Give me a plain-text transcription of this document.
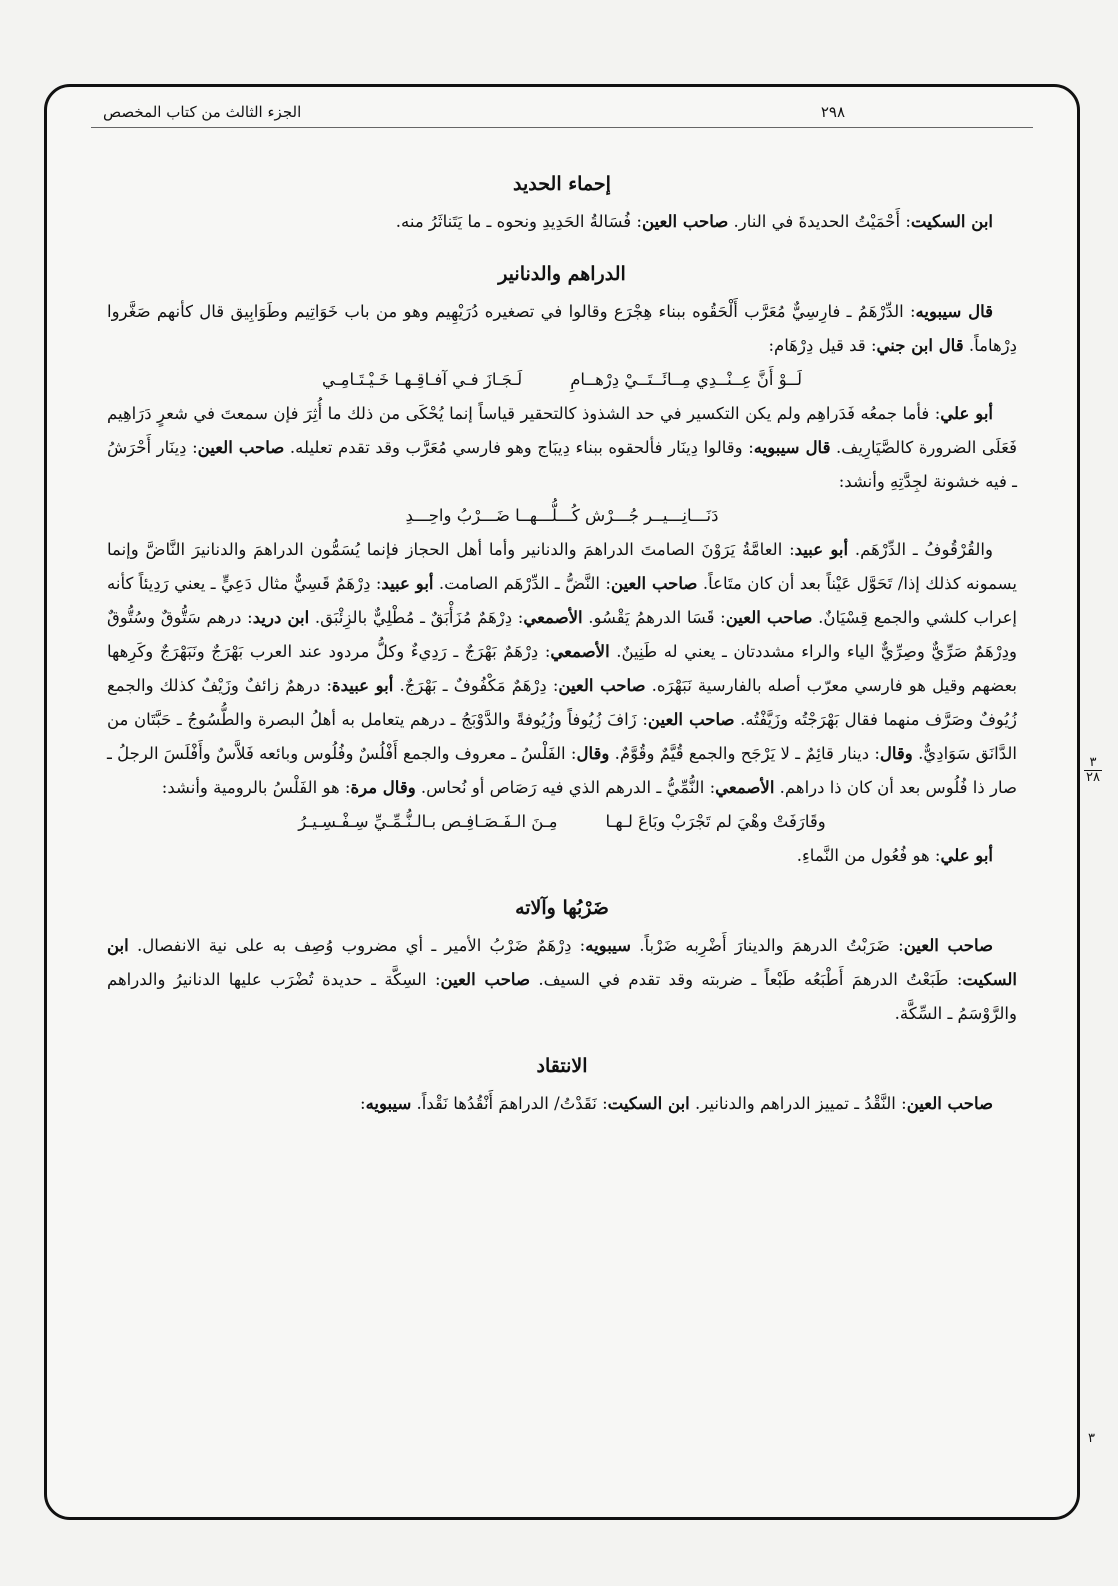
٢٩٨
الجزء الثالث من كتاب المخصص
إحماء الحديد

ابن السكيت: أَحْمَيْتُ الحديدةَ في النار. صاحب العين: فُسَالةُ الحَدِيدِ ونحوه ـ ما يَتَناثَرُ منه.

الدراهم والدنانير

قال سيبويه: الدِّرْهَمُ ـ فارِسِيٌّ مُعَرَّب أَلْحَقُوه ببناء هِجْرَع وقالوا في تصغيره دُرَيْهِيم وهو من باب خَوَاتِيم وطَوَابِيق قال كأنهم صَغَّروا دِرْهاماً. قال ابن جني: قد قيل دِرْهَام:

لَــوْ أَنَّ عِــنْــدِي مِــائَــتَــيْ دِرْهــامِ
لَـجَـازَ فـي آفـاقِـهـا خَـيْـتَـامِـي

أبو علي: فأما جمعُه فَدَراهِم ولم يكن التكسير في حد الشذوذ كالتحقير قياساً إنما يُحْكَى من ذلك ما أُثِرَ فإن سمعتَ في شعرٍ دَرَاهِيم فَعَلَى الضرورة كالصَّيَارِيف. قال سيبويه: وقالوا دِينَار فألحقوه ببناء دِيبَاج وهو فارسي مُعَرَّب وقد تقدم تعليله. صاحب العين: دِينَار أَحْرَشُ ـ فيه خشونة لجِدَّتِهِ وأنشد:

دَنَـــانِـــيــر جُـــرْش كُـــلُّـــهــا ضَـــرْبُ واحِـــدِ

والقُرْقُوفُ ـ الدِّرْهَم. أبو عبيد: العامَّةُ يَرَوْنَ الصامتَ الدراهمَ والدنانير وأما أهل الحجاز فإنما يُسَمُّون الدراهمَ والدنانيرَ النَّاضَّ وإنما يسمونه كذلك إذا/ تَحَوَّل عَيْناً بعد أن كان متَاعاً. صاحب العين: النَّضُّ ـ الدِّرْهَم الصامت. أبو عبيد: دِرْهَمٌ قَسِيٌّ مثال دَعِيٍّ ـ يعني رَدِيئاً كأنه إعراب كلشي والجمع قِسْيَانٌ. صاحب العين: قَسَا الدرهمُ يَقْسُو. الأصمعي: دِرْهَمٌ مُزَأْبَقٌ ـ مُطْلِيٌّ بالزِئْبَق. ابن دريد: درهم سَتُّوقٌ وسُتُّوقٌ ودِرْهَمٌ صَرِّيٌّ وصِرِّيٌّ الياء والراء مشددتان ـ يعني له طَنِينٌ. الأصمعي: دِرْهَمٌ بَهْرَجٌ ـ رَدِيءٌ وكلُّ مردود عند العرب بَهْرَجٌ ونَبَهْرَجٌ وكَرِهها بعضهم وقيل هو فارسي معرّب أصله بالفارسية نَبَهْرَه. صاحب العين: دِرْهَمٌ مَكْفُوفٌ ـ بَهْرَجٌ. أبو عبيدة: درهمٌ زائفٌ وزَيْفٌ كذلك والجمع زُيُوفٌ وصَرَّف منهما فقال بَهْرَجْتُه وزَيَّفْتُه. صاحب العين: زَافَ زُيُوفاً وزُيُوفةً والدَّوْبَجُ ـ درهم يتعامل به أهلُ البصرة والطُّسُوجُ ـ حَبَّتَان من الدَّانَق سَوَادِيٌّ. وقال: دينار قائِمٌ ـ لا يَرْجَح والجمع قُيَّمٌ وقُوَّمٌ. وقال: الفَلْسُ ـ معروف والجمع أَفْلُسٌ وفُلُوس وبائعه فَلاَّسٌ وأَفْلَسَ الرجلُ ـ صار ذا فُلُوس بعد أن كان ذا دراهم. الأصمعي: النُّمِّيُّ ـ الدرهم الذي فيه رَصَاص أو نُحاس. وقال مرة: هو الفَلْسُ بالرومية وأنشد:

وقَارَفَتْ وهْيَ لم تَجْرَبْ وبَاعَ لـهـا
مِـنَ الـفَـصَـافِـص بـالـنُّـمِّـيِّ سِـفْـسِـيـرُ

أبو علي: هو فُعُول من النَّماءِ.

ضَرْبُها وآلاته

صاحب العين: ضَرَبْتُ الدرهمَ والدينارَ أَضْرِبه ضَرْباً. سيبويه: دِرْهَمٌ ضَرْبُ الأمير ـ أي مضروب وُصِف به على نية الانفصال. ابن السكيت: طَبَعْتُ الدرهمَ أَطْبَعُه طَبْعاً ـ ضربته وقد تقدم في السيف. صاحب العين: السِكَّة ـ حديدة تُضْرَب عليها الدنانيرُ والدراهم والرَّوْسَمُ ـ السِّكَّة.

الانتقاد

صاحب العين: النَّقْدُ ـ تمييز الدراهم والدنانير. ابن السكيت: نَقَدْتُ/ الدراهمَ أَنْقُدُها نَقْداً. سيبويه:

$\frac{٣}{٢٨}$
٣
